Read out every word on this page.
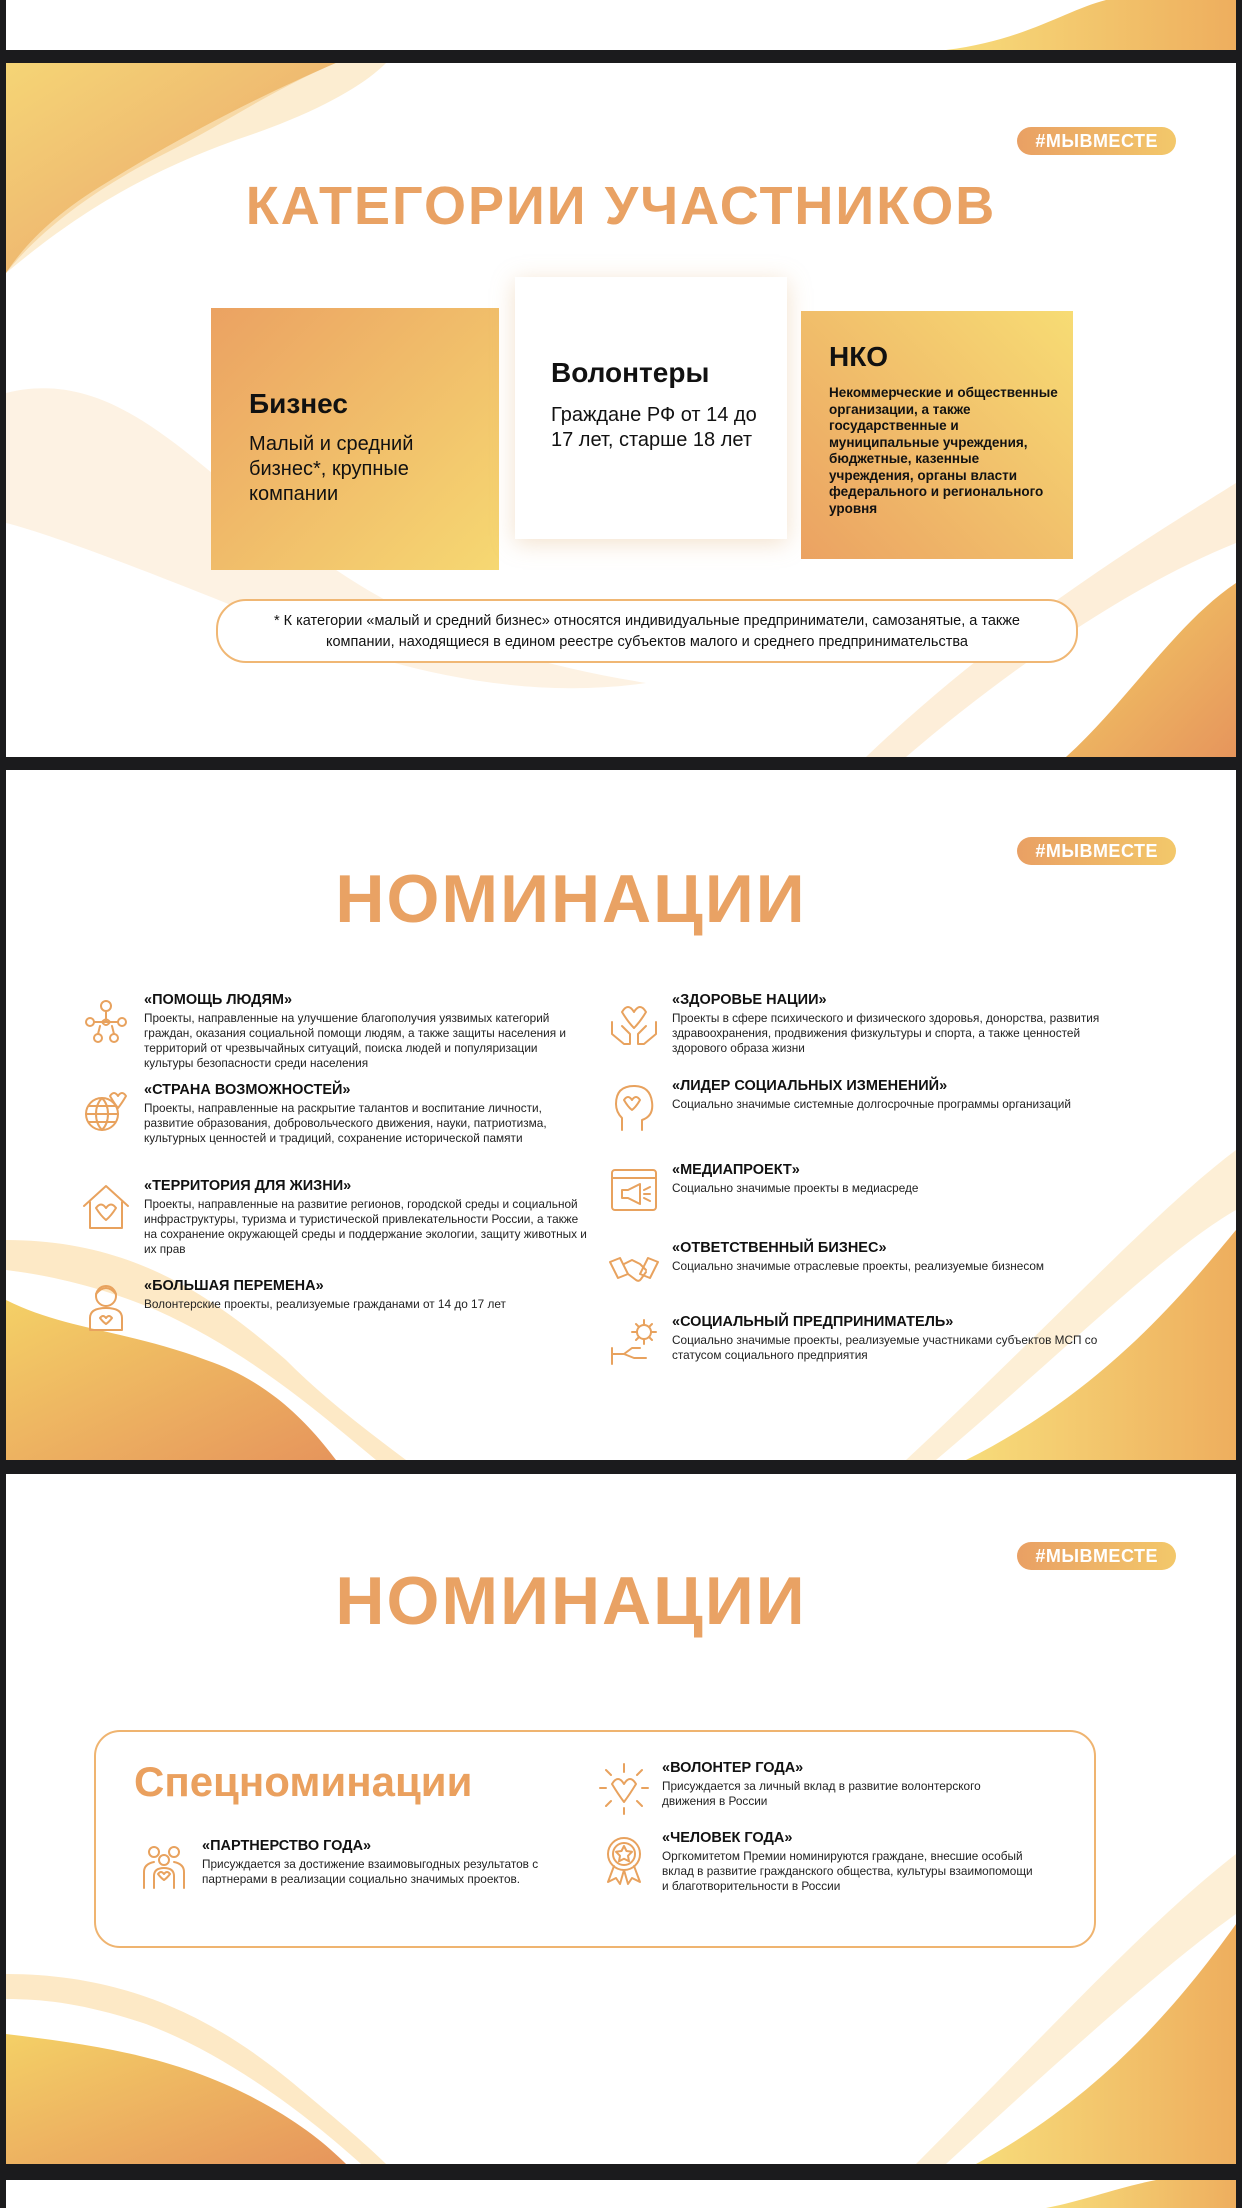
#МЫВМЕСТЕ
КАТЕГОРИИ УЧАСТНИКОВ
Бизнес

Малый и средний бизнес*, крупные компании

Волонтеры

Граждане РФ от 14 до 17 лет, старше 18 лет

НКО

Некоммерческие и общественные организации, а также государственные и муниципальные учреждения, бюджетные, казенные учреждения, органы власти федерального и регионального уровня

* К категории «малый и средний бизнес» относятся индивидуальные предприниматели, самозанятые, а также компании, находящиеся в едином реестре субъектов малого и среднего предпринимательства
#МЫВМЕСТЕ
НОМИНАЦИИ
«ПОМОЩЬ ЛЮДЯМ»

Проекты, направленные на улучшение благополучия уязвимых категорий граждан, оказания социальной помощи людям, а также защиты населения и территорий от чрезвычайных ситуаций, поиска людей и популяризации культуры безопасности среди населения

«СТРАНА ВОЗМОЖНОСТЕЙ»

Проекты, направленные на раскрытие талантов и воспитание личности, развитие образования, добровольческого движения, науки, патриотизма, культурных ценностей и традиций, сохранение исторической памяти

«ТЕРРИТОРИЯ ДЛЯ ЖИЗНИ»

Проекты, направленные на развитие регионов, городской среды и социальной инфраструктуры, туризма и туристической привлекательности России, а также на сохранение окружающей среды и поддержание экологии, защиту животных и их прав

«БОЛЬШАЯ ПЕРЕМЕНА»

Волонтерские проекты, реализуемые гражданами от 14 до 17 лет

«ЗДОРОВЬЕ НАЦИИ»

Проекты в сфере психического и физического здоровья, донорства, развития здравоохранения, продвижения физкультуры и спорта, а также ценностей здорового образа жизни

«ЛИДЕР СОЦИАЛЬНЫХ ИЗМЕНЕНИЙ»

Социально значимые системные долгосрочные программы организаций

«МЕДИАПРОЕКТ»

Социально значимые проекты в медиасреде

«ОТВЕТСТВЕННЫЙ БИЗНЕС»

Социально значимые отраслевые проекты, реализуемые бизнесом

«СОЦИАЛЬНЫЙ ПРЕДПРИНИМАТЕЛЬ»

Социально значимые проекты, реализуемые участниками субъектов МСП со статусом социального предприятия

#МЫВМЕСТЕ
НОМИНАЦИИ
Спецноминации
«ПАРТНЕРСТВО ГОДА»

Присуждается за достижение взаимовыгодных результатов с партнерами в реализации социально значимых проектов.

«ВОЛОНТЕР ГОДА»

Присуждается за личный вклад в развитие волонтерского движения в России

«ЧЕЛОВЕК ГОДА»

Оргкомитетом Премии номинируются граждане, внесшие особый вклад в развитие гражданского общества, культуры взаимопомощи и благотворительности в России
